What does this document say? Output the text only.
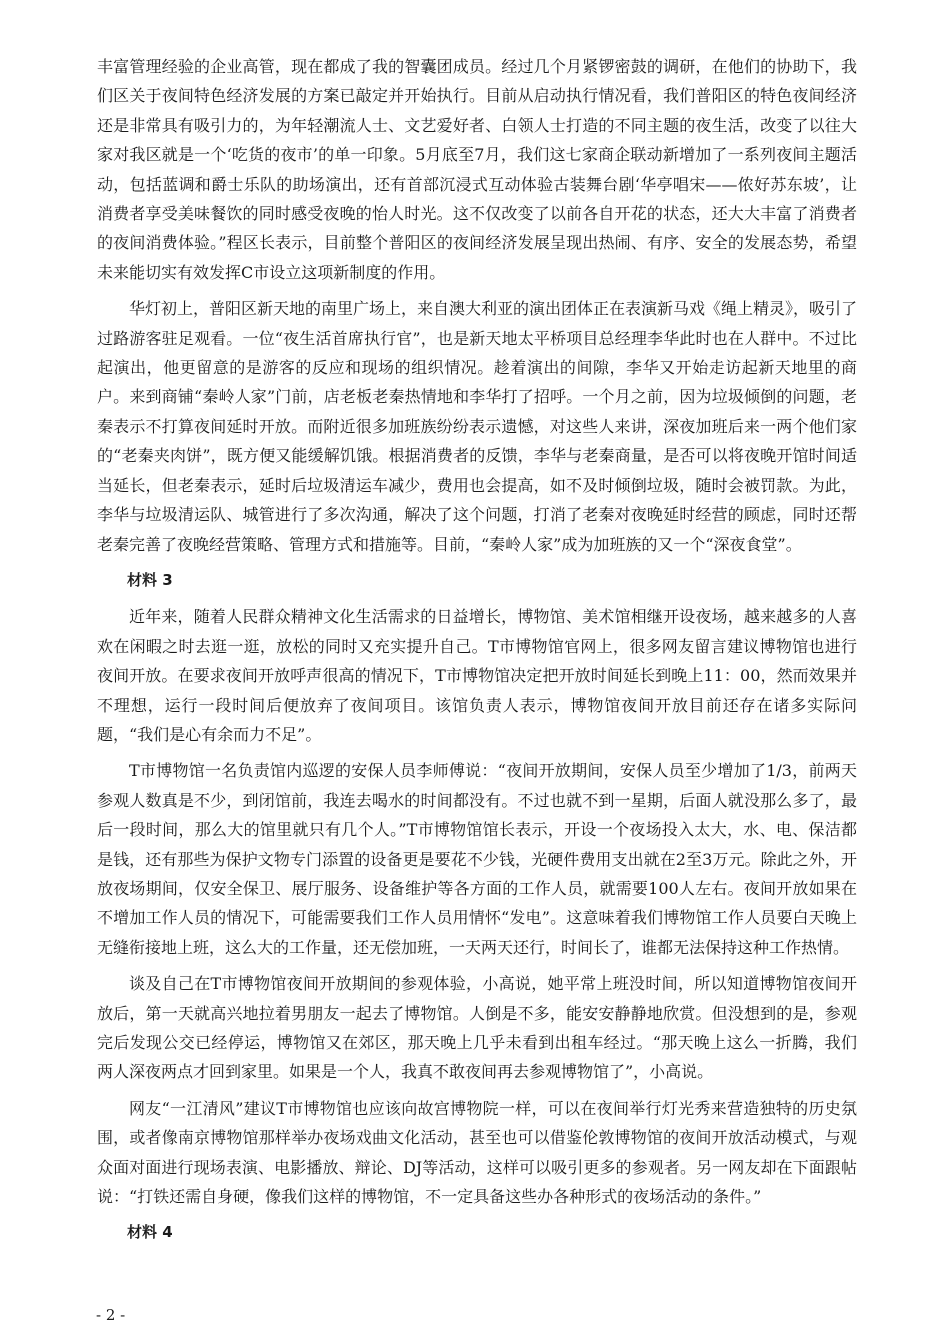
丰富管理经验的企业高管，现在都成了我的智囊团成员。经过几个月紧锣密鼓的调研，在他们的协助下，我们区关于夜间特色经济发展的方案已敲定并开始执行。目前从启动执行情况看，我们普阳区的特色夜间经济还是非常具有吸引力的，为年轻潮流人士、文艺爱好者、白领人士打造的不同主题的夜生活，改变了以往大家对我区就是一个‘吃货的夜市’的单一印象。5月底至7月，我们这七家商企联动新增加了一系列夜间主题活动，包括蓝调和爵士乐队的助场演出，还有首部沉浸式互动体验古装舞台剧‘华亭唱宋——侬好苏东坡’，让消费者享受美味餐饮的同时感受夜晚的怡人时光。这不仅改变了以前各自开花的状态，还大大丰富了消费者的夜间消费体验。”程区长表示，目前整个普阳区的夜间经济发展呈现出热闹、有序、安全的发展态势，希望未来能切实有效发挥C市设立这项新制度的作用。

华灯初上，普阳区新天地的南里广场上，来自澳大利亚的演出团体正在表演新马戏《绳上精灵》，吸引了过路游客驻足观看。一位“夜生活首席执行官”，也是新天地太平桥项目总经理李华此时也在人群中。不过比起演出，他更留意的是游客的反应和现场的组织情况。趁着演出的间隙，李华又开始走访起新天地里的商户。来到商铺“秦岭人家”门前，店老板老秦热情地和李华打了招呼。一个月之前，因为垃圾倾倒的问题，老秦表示不打算夜间延时开放。而附近很多加班族纷纷表示遗憾，对这些人来讲，深夜加班后来一两个他们家的“老秦夹肉饼”，既方便又能缓解饥饿。根据消费者的反馈，李华与老秦商量，是否可以将夜晚开馆时间适当延长，但老秦表示，延时后垃圾清运车减少，费用也会提高，如不及时倾倒垃圾，随时会被罚款。为此，李华与垃圾清运队、城管进行了多次沟通，解决了这个问题，打消了老秦对夜晚延时经营的顾虑，同时还帮老秦完善了夜晚经营策略、管理方式和措施等。目前，“秦岭人家”成为加班族的又一个“深夜食堂”。

材料 3

近年来，随着人民群众精神文化生活需求的日益增长，博物馆、美术馆相继开设夜场，越来越多的人喜欢在闲暇之时去逛一逛，放松的同时又充实提升自己。T市博物馆官网上，很多网友留言建议博物馆也进行夜间开放。在要求夜间开放呼声很高的情况下，T市博物馆决定把开放时间延长到晚上11：00，然而效果并不理想，运行一段时间后便放弃了夜间项目。该馆负责人表示，博物馆夜间开放目前还存在诸多实际问题，“我们是心有余而力不足”。

T市博物馆一名负责馆内巡逻的安保人员李师傅说：“夜间开放期间，安保人员至少增加了1/3，前两天参观人数真是不少，到闭馆前，我连去喝水的时间都没有。不过也就不到一星期，后面人就没那么多了，最后一段时间，那么大的馆里就只有几个人。”T市博物馆馆长表示，开设一个夜场投入太大，水、电、保洁都是钱，还有那些为保护文物专门添置的设备更是要花不少钱，光硬件费用支出就在2至3万元。除此之外，开放夜场期间，仅安全保卫、展厅服务、设备维护等各方面的工作人员，就需要100人左右。夜间开放如果在不增加工作人员的情况下，可能需要我们工作人员用情怀“发电”。这意味着我们博物馆工作人员要白天晚上无缝衔接地上班，这么大的工作量，还无偿加班，一天两天还行，时间长了，谁都无法保持这种工作热情。

谈及自己在T市博物馆夜间开放期间的参观体验，小高说，她平常上班没时间，所以知道博物馆夜间开放后，第一天就高兴地拉着男朋友一起去了博物馆。人倒是不多，能安安静静地欣赏。但没想到的是，参观完后发现公交已经停运，博物馆又在郊区，那天晚上几乎未看到出租车经过。“那天晚上这么一折腾，我们两人深夜两点才回到家里。如果是一个人，我真不敢夜间再去参观博物馆了”，小高说。

网友“一江清风”建议T市博物馆也应该向故宫博物院一样，可以在夜间举行灯光秀来营造独特的历史氛围，或者像南京博物馆那样举办夜场戏曲文化活动，甚至也可以借鉴伦敦博物馆的夜间开放活动模式，与观众面对面进行现场表演、电影播放、辩论、DJ等活动，这样可以吸引更多的参观者。另一网友却在下面跟帖说：“打铁还需自身硬，像我们这样的博物馆，不一定具备这些办各种形式的夜场活动的条件。”

材料 4
- 2 -
